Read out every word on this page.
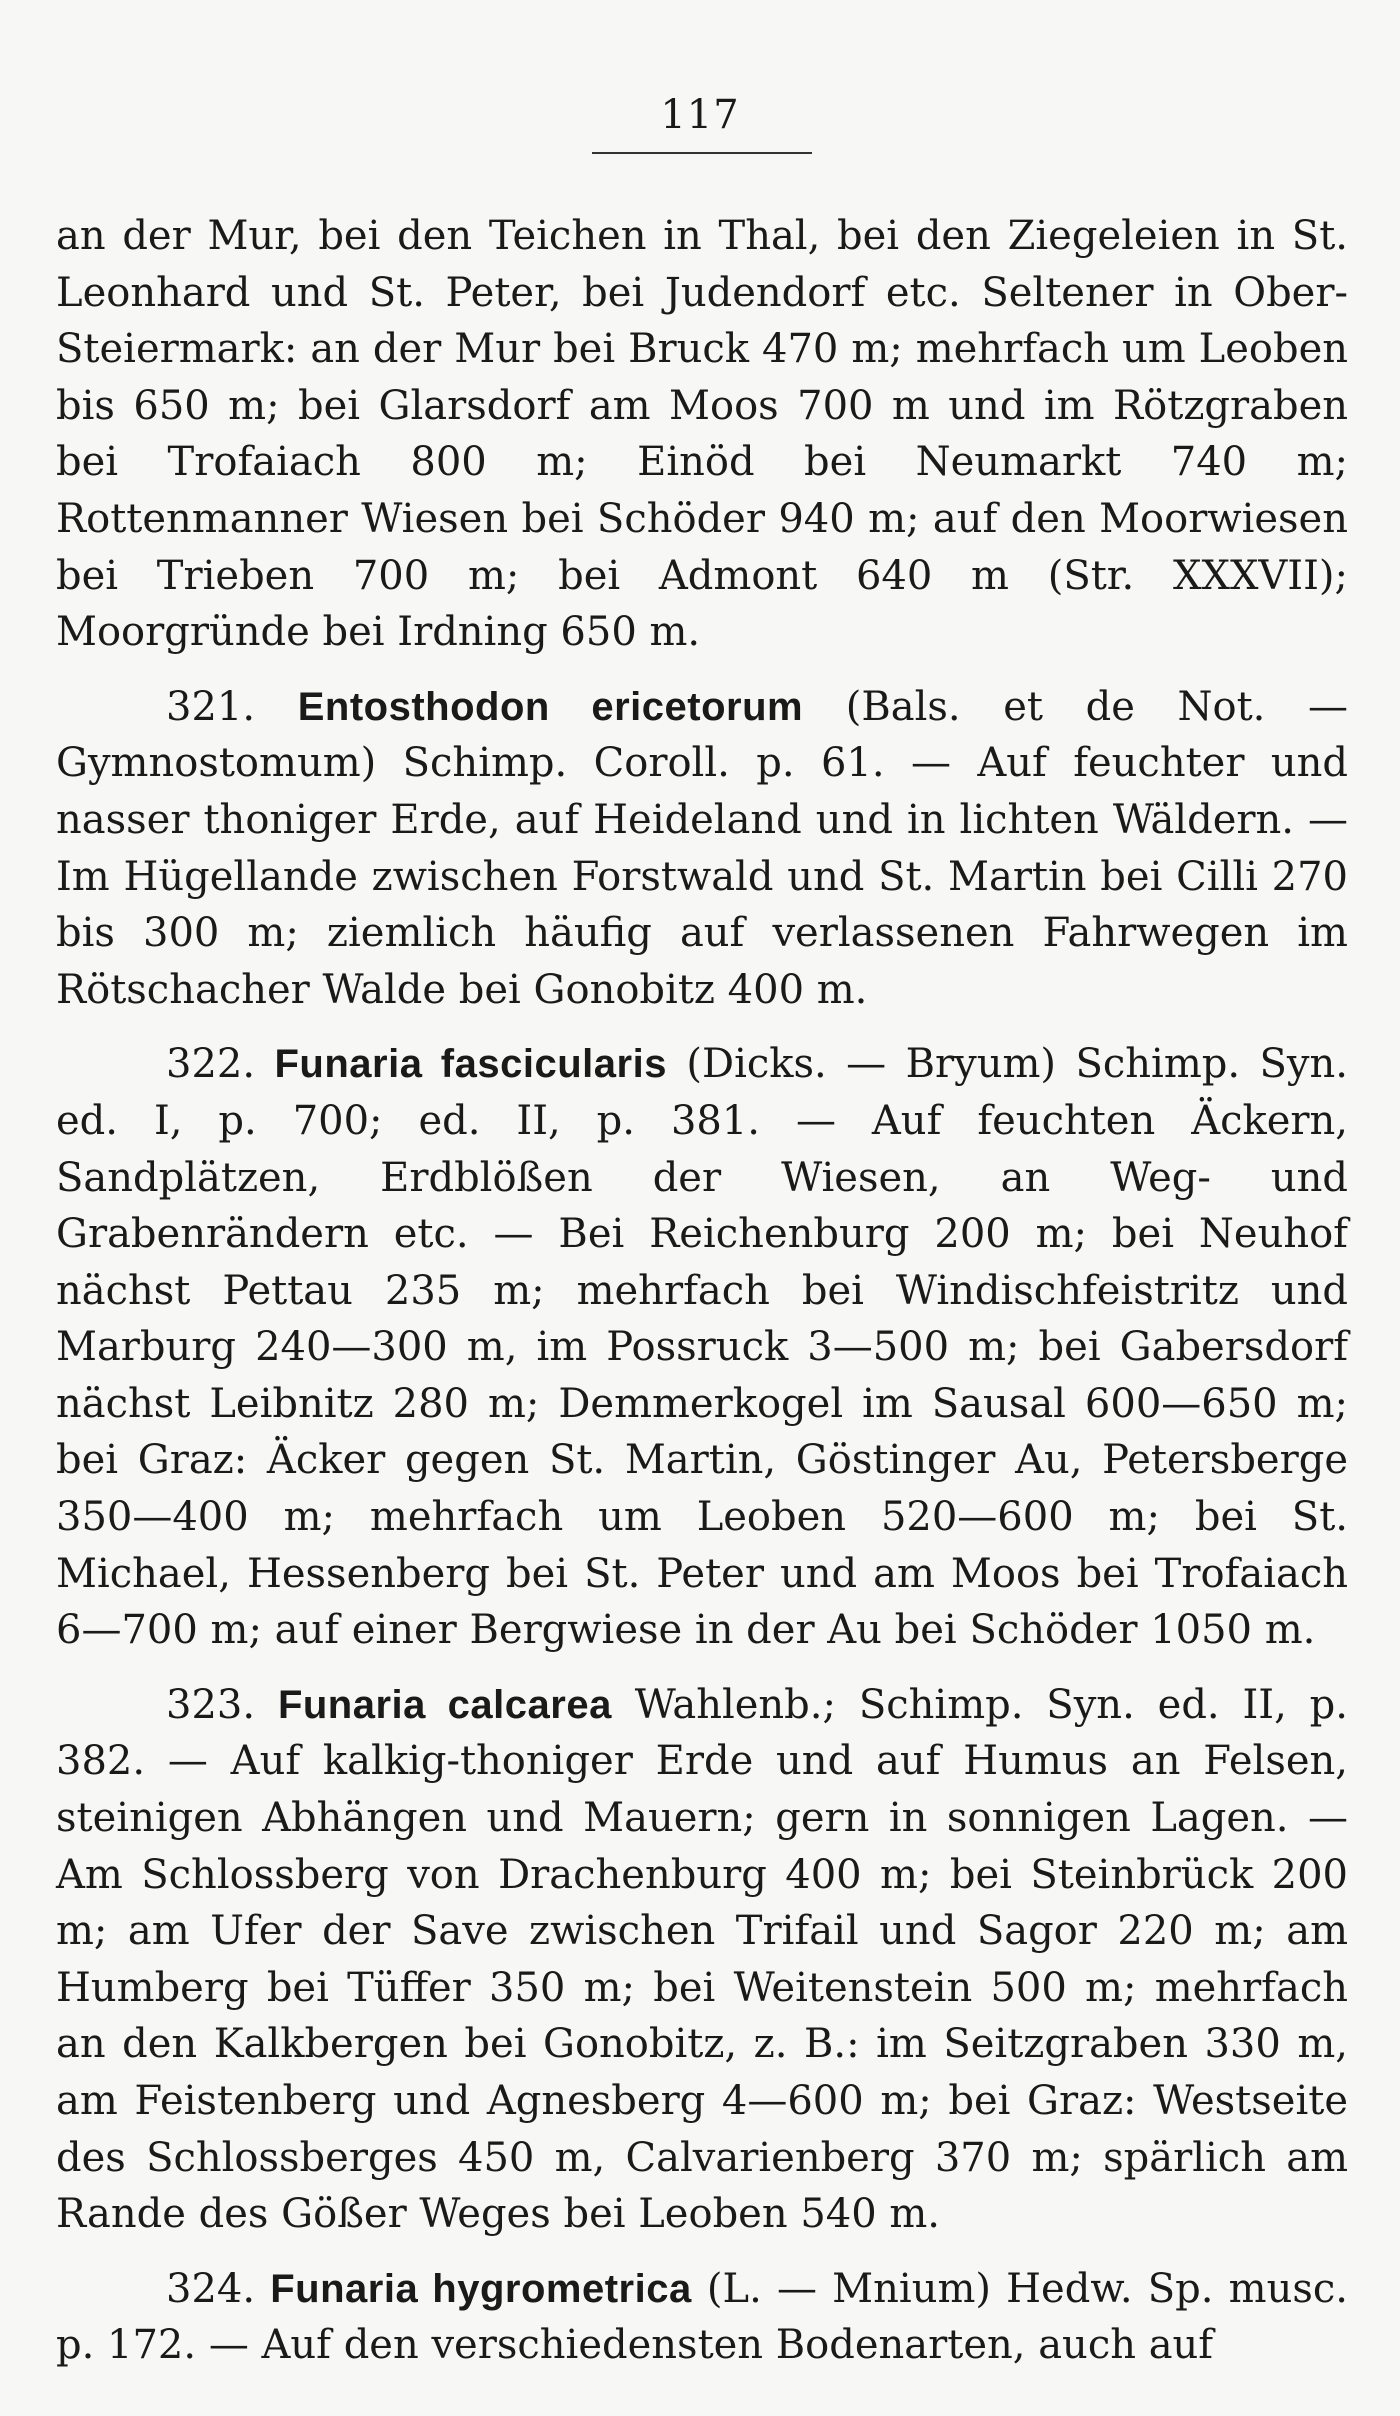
117

an der Mur, bei den Teichen in Thal, bei den Ziegeleien in St. Leonhard und St. Peter, bei Judendorf etc. Seltener in Ober-Steiermark: an der Mur bei Bruck 470 m; mehrfach um Leoben bis 650 m; bei Glarsdorf am Moos 700 m und im Rötzgraben bei Trofaiach 800 m; Einöd bei Neumarkt 740 m; Rottenmanner Wiesen bei Schöder 940 m; auf den Moorwiesen bei Trieben 700 m; bei Admont 640 m (Str. XXXVII); Moorgründe bei Irdning 650 m.

321. Entosthodon ericetorum (Bals. et de Not. — Gymnostomum) Schimp. Coroll. p. 61. — Auf feuchter und nasser thoniger Erde, auf Heideland und in lichten Wäldern. — Im Hügellande zwischen Forstwald und St. Martin bei Cilli 270 bis 300 m; ziemlich häufig auf verlassenen Fahrwegen im Rötschacher Walde bei Gonobitz 400 m.

322. Funaria fascicularis (Dicks. — Bryum) Schimp. Syn. ed. I, p. 700; ed. II, p. 381. — Auf feuchten Äckern, Sandplätzen, Erdblößen der Wiesen, an Weg- und Grabenrändern etc. — Bei Reichenburg 200 m; bei Neuhof nächst Pettau 235 m; mehrfach bei Windischfeistritz und Marburg 240—300 m, im Possruck 3—500 m; bei Gabersdorf nächst Leibnitz 280 m; Demmerkogel im Sausal 600—650 m; bei Graz: Äcker gegen St. Martin, Göstinger Au, Petersberge 350—400 m; mehrfach um Leoben 520—600 m; bei St. Michael, Hessenberg bei St. Peter und am Moos bei Trofaiach 6—700 m; auf einer Bergwiese in der Au bei Schöder 1050 m.

323. Funaria calcarea Wahlenb.; Schimp. Syn. ed. II, p. 382. — Auf kalkig-thoniger Erde und auf Humus an Felsen, steinigen Abhängen und Mauern; gern in sonnigen Lagen. — Am Schlossberg von Drachenburg 400 m; bei Steinbrück 200 m; am Ufer der Save zwischen Trifail und Sagor 220 m; am Humberg bei Tüffer 350 m; bei Weitenstein 500 m; mehrfach an den Kalkbergen bei Gonobitz, z. B.: im Seitzgraben 330 m, am Feistenberg und Agnesberg 4—600 m; bei Graz: Westseite des Schlossberges 450 m, Calvarienberg 370 m; spärlich am Rande des Gößer Weges bei Leoben 540 m.

324. Funaria hygrometrica (L. — Mnium) Hedw. Sp. musc. p. 172. — Auf den verschiedensten Bodenarten, auch auf
